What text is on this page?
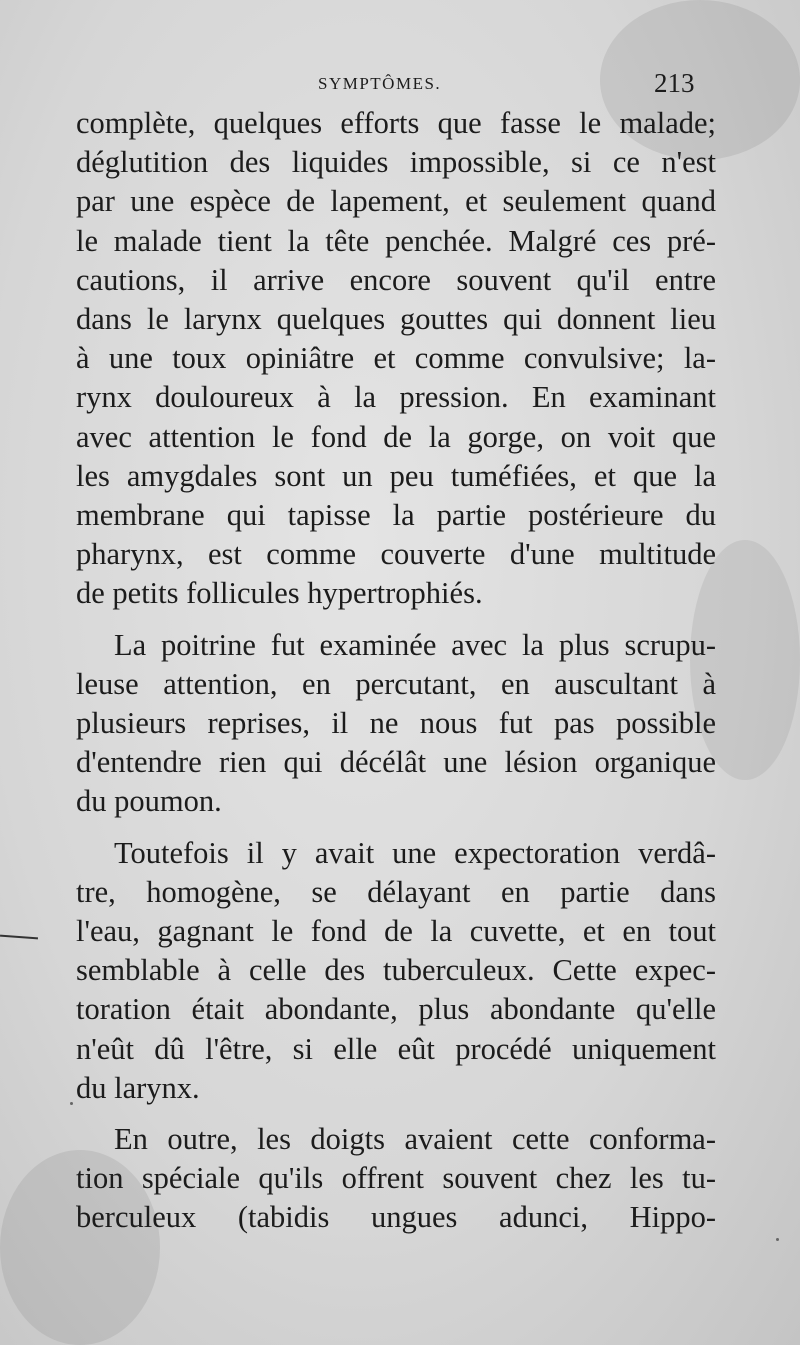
SYMPTÔMES.	213
complète, quelques efforts que fasse le malade;
déglutition des liquides impossible, si ce n'est
par une espèce de lapement, et seulement quand
le malade tient la tête penchée. Malgré ces pré-
cautions, il arrive encore souvent qu'il entre
dans le larynx quelques gouttes qui donnent lieu
à une toux opiniâtre et comme convulsive; la-
rynx douloureux à la pression. En examinant
avec attention le fond de la gorge, on voit que
les amygdales sont un peu tuméfiées, et que la
membrane qui tapisse la partie postérieure du
pharynx, est comme couverte d'une multitude
de petits follicules hypertrophiés.
La poitrine fut examinée avec la plus scrupu-
leuse attention, en percutant, en auscultant à
plusieurs reprises, il ne nous fut pas possible
d'entendre rien qui décélât une lésion organique
du poumon.
Toutefois il y avait une expectoration verdâ-
tre, homogène, se délayant en partie dans
l'eau, gagnant le fond de la cuvette, et en tout
semblable à celle des tuberculeux. Cette expec-
toration était abondante, plus abondante qu'elle
n'eût dû l'être, si elle eût procédé uniquement
du larynx.
En outre, les doigts avaient cette conforma-
tion spéciale qu'ils offrent souvent chez les tu-
berculeux (tabidis ungues adunci, Hippo-
